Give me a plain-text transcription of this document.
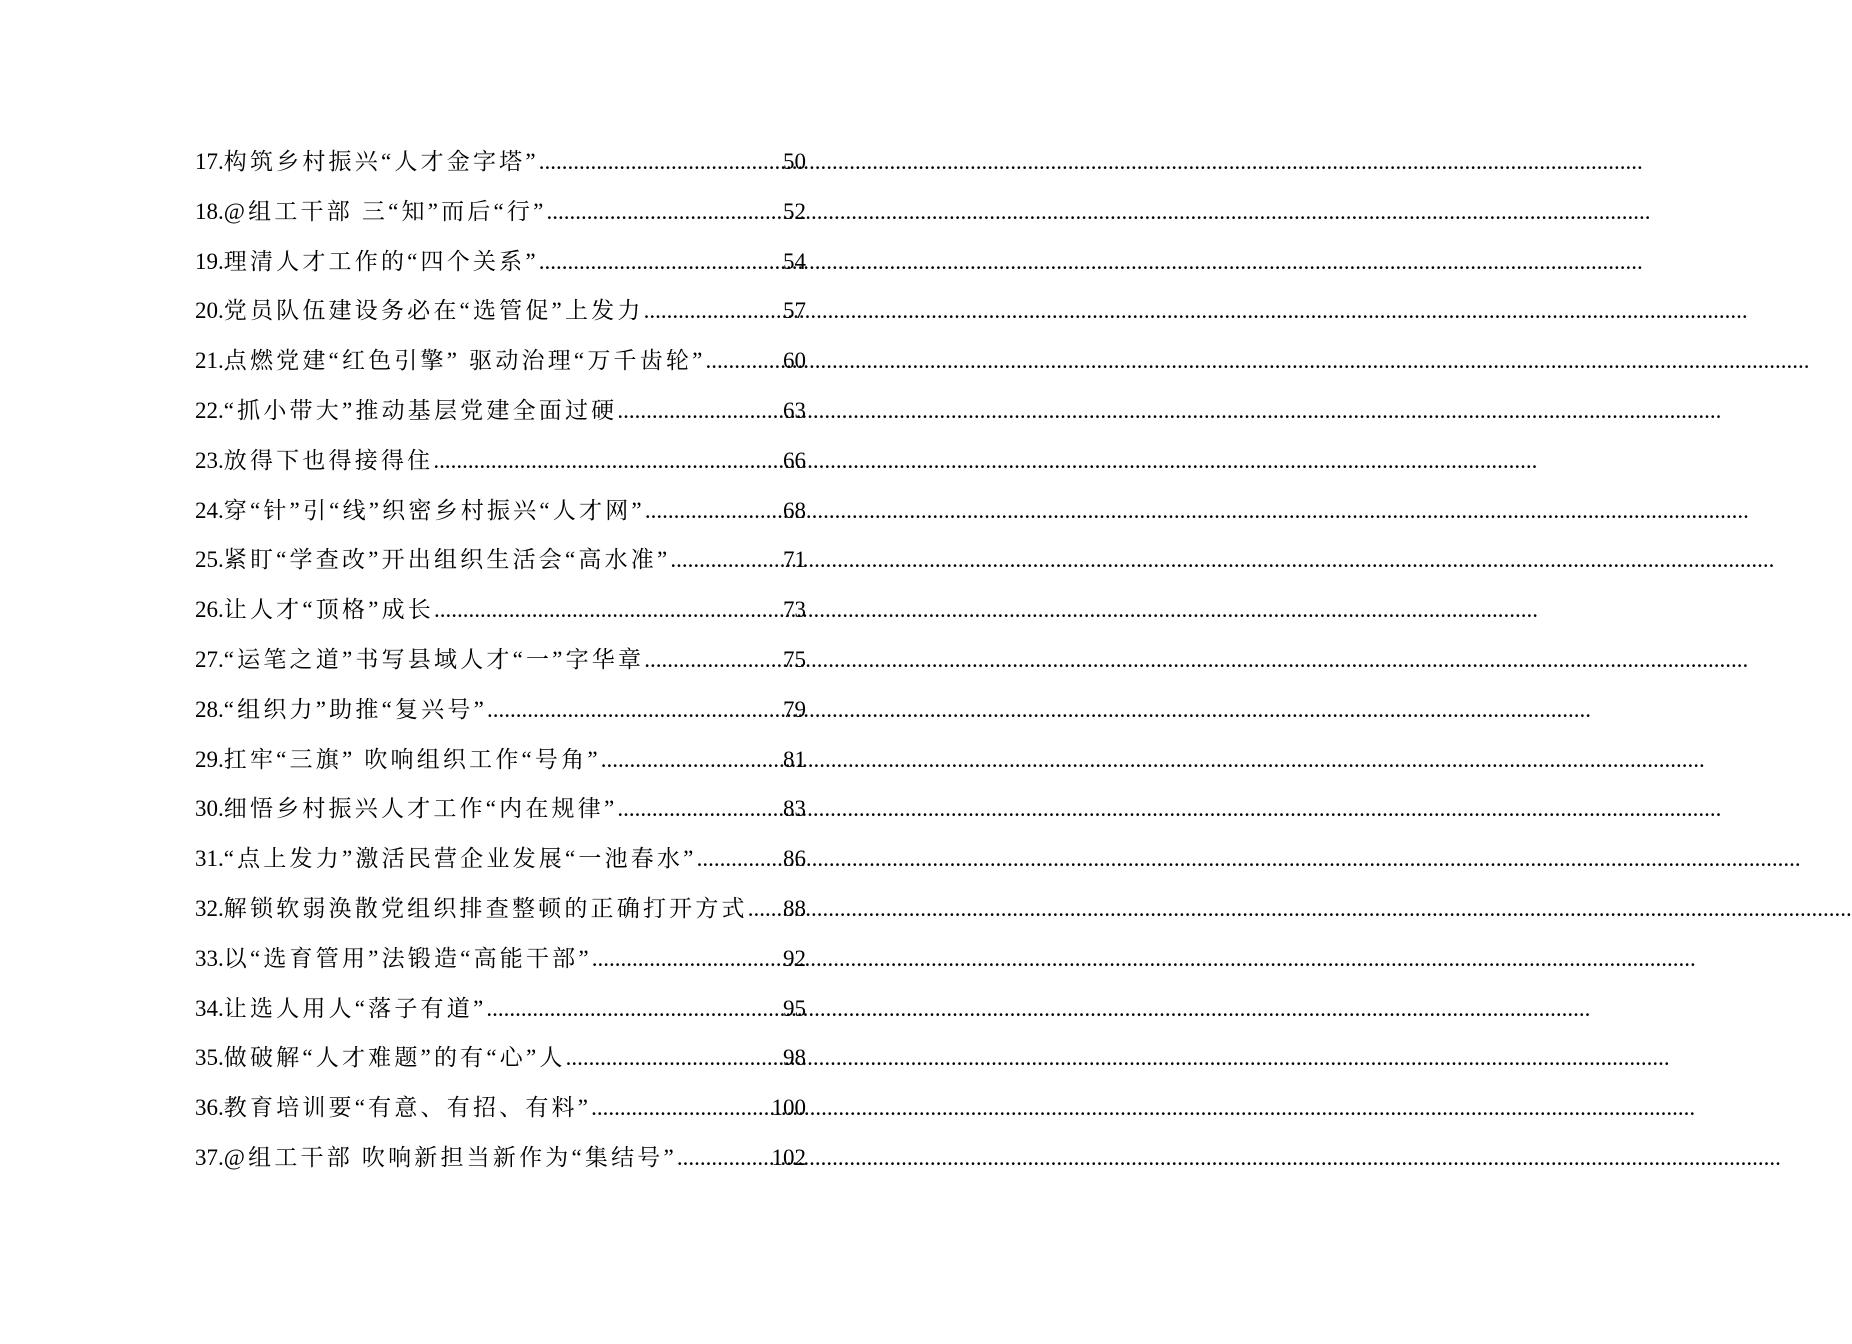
17. 构筑乡村振兴“人才金字塔” .....	50
18. @组工干部 三“知”而后“行” .....	52
19. 理清人才工作的“四个关系” .....	54
20. 党员队伍建设务必在“选管促”上发力 .....	57
21. 点燃党建“红色引擎” 驱动治理“万千齿轮” .....	60
22. “抓小带大”推动基层党建全面过硬 .....	63
23. 放得下也得接得住 .....	66
24. 穿“针”引“线”织密乡村振兴“人才网” .....	68
25. 紧盯“学查改”开出组织生活会“高水准” .....	71
26. 让人才“顶格”成长 .....	73
27. “运笔之道”书写县域人才“一”字华章 .....	75
28. “组织力”助推“复兴号” .....	79
29. 扛牢“三旗” 吹响组织工作“号角” .....	81
30. 细悟乡村振兴人才工作“内在规律” .....	83
31. “点上发力”激活民营企业发展“一池春水” .....	86
32. 解锁软弱涣散党组织排查整顿的正确打开方式 ..... 88
33. 以“选育管用”法锻造“高能干部” .....	92
34. 让选人用人“落子有道” .....	95
35. 做破解“人才难题”的有“心”人 .....	98
36. 教育培训要“有意、有招、有料” .....	100
37. @组工干部 吹响新担当新作为“集结号” .....	102
